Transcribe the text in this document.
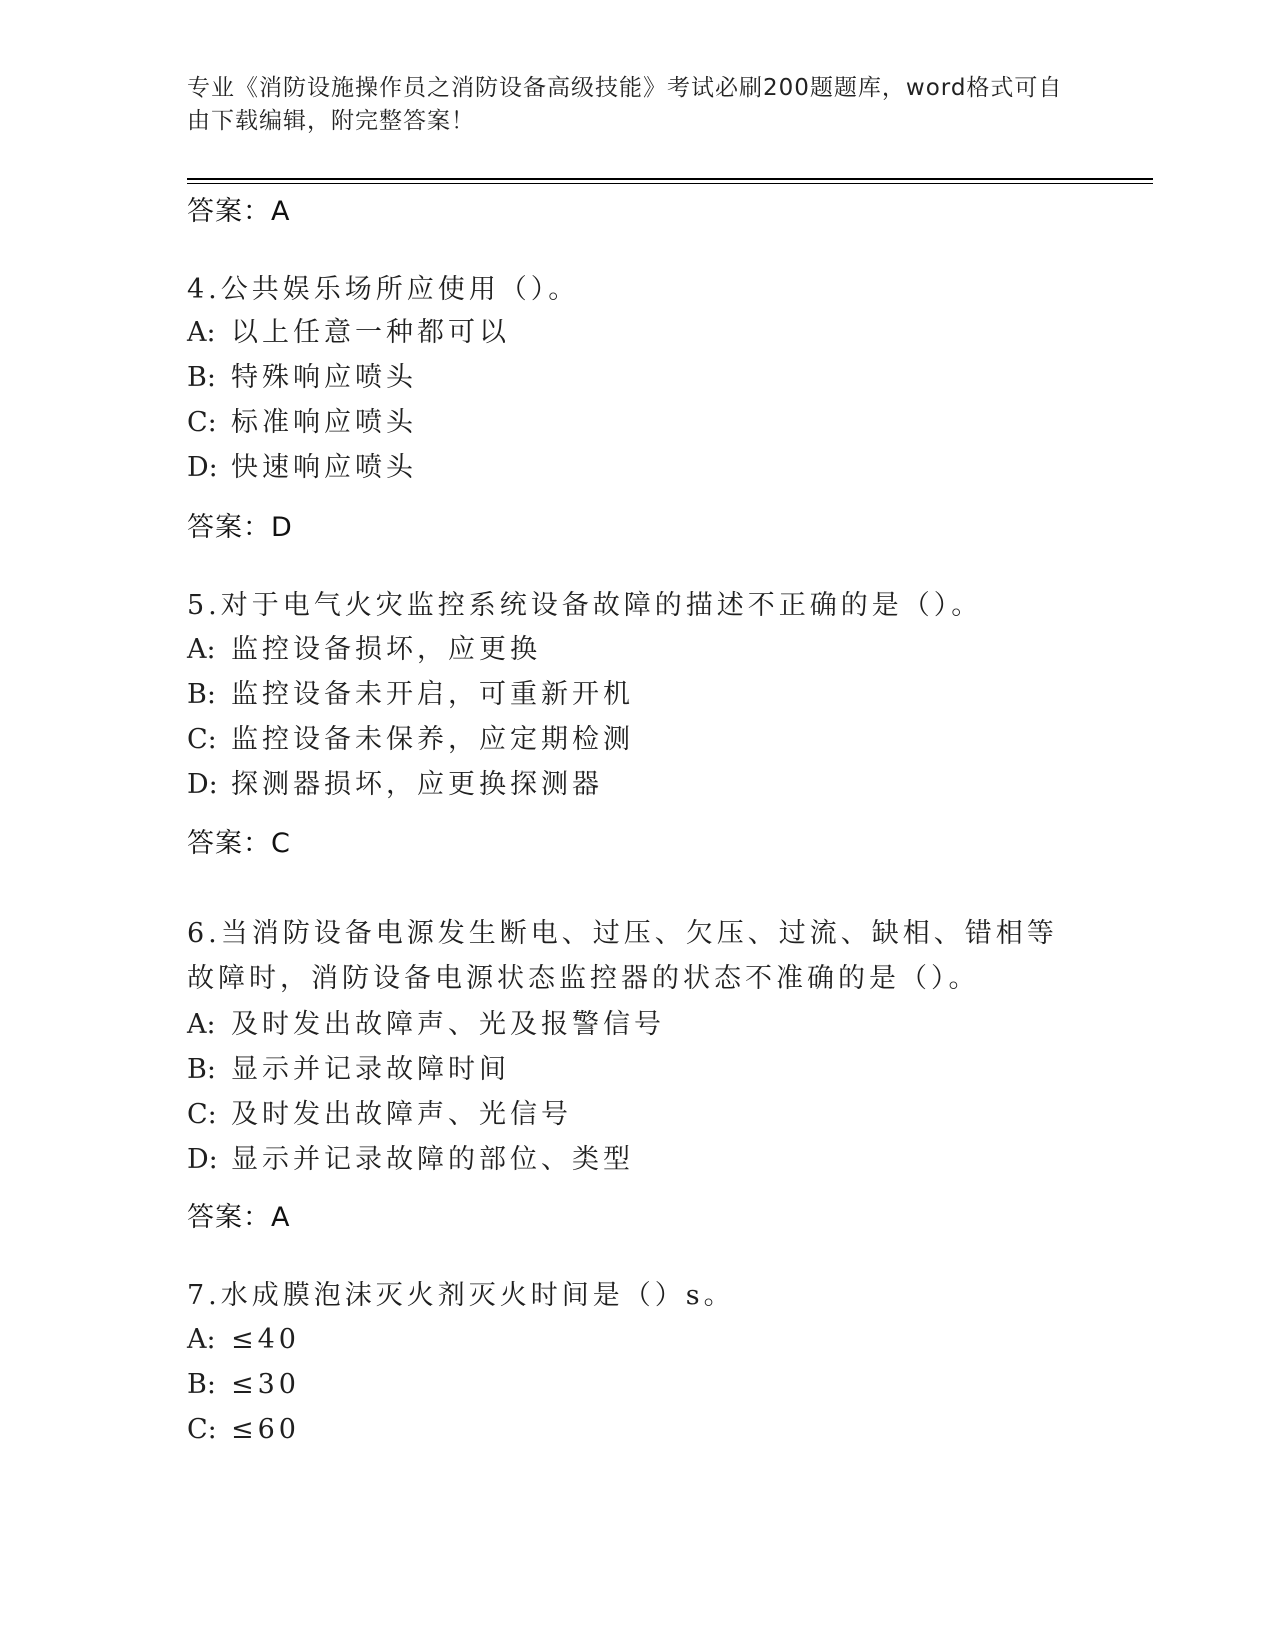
专业《消防设施操作员之消防设备高级技能》考试必刷200题题库，word格式可自由下载编辑，附完整答案！
答案：A
4.公共娱乐场所应使用（）。
A: 以上任意一种都可以
B: 特殊响应喷头
C: 标准响应喷头
D: 快速响应喷头
答案：D
5.对于电气火灾监控系统设备故障的描述不正确的是（）。
A: 监控设备损坏，应更换
B: 监控设备未开启，可重新开机
C: 监控设备未保养，应定期检测
D: 探测器损坏，应更换探测器
答案：C
6.当消防设备电源发生断电、过压、欠压、过流、缺相、错相等故障时，消防设备电源状态监控器的状态不准确的是（）。
A: 及时发出故障声、光及报警信号
B: 显示并记录故障时间
C: 及时发出故障声、光信号
D: 显示并记录故障的部位、类型
答案：A
7.水成膜泡沫灭火剂灭火时间是（）s。
A: ≤40
B: ≤30
C: ≤60
